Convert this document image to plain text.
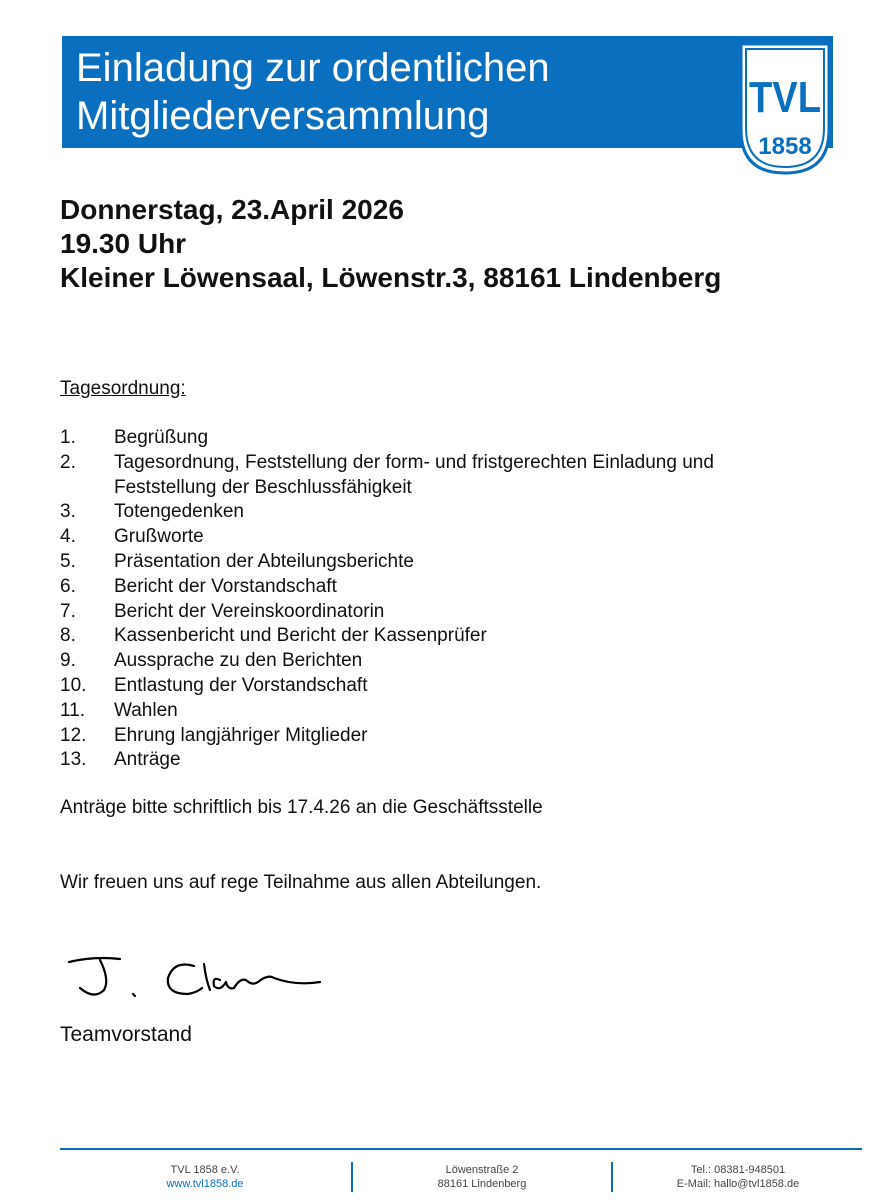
Einladung zur ordentlichen
Mitgliederversammlung	TVL
1858
Donnerstag, 23.April 2026
19.30 Uhr
Kleiner Löwensaal, Löwenstr.3, 88161 Lindenberg
Tagesordnung:
1.	Begrüßung
2.	Tagesordnung, Feststellung der form- und fristgerechten Einladung und Feststellung der Beschlussfähigkeit
3.	Totengedenken
4.	Grußworte
5.	Präsentation der Abteilungsberichte
6.	Bericht der Vorstandschaft
7.	Bericht der Vereinskoordinatorin
8.	Kassenbericht und Bericht der Kassenprüfer
9.	Aussprache zu den Berichten
10.	Entlastung der Vorstandschaft
11.	Wahlen
12.	Ehrung langjähriger Mitglieder
13.	Anträge

Anträge bitte schriftlich bis 17.4.26 an die Geschäftsstelle

Wir freuen uns auf rege Teilnahme aus allen Abteilungen.

Teamvorstand

TVL 1858 e.V.
www.tvl1858.de
Löwenstraße 2
88161 Lindenberg
Tel.: 08381-948501
E-Mail: hallo@tvl1858.de
